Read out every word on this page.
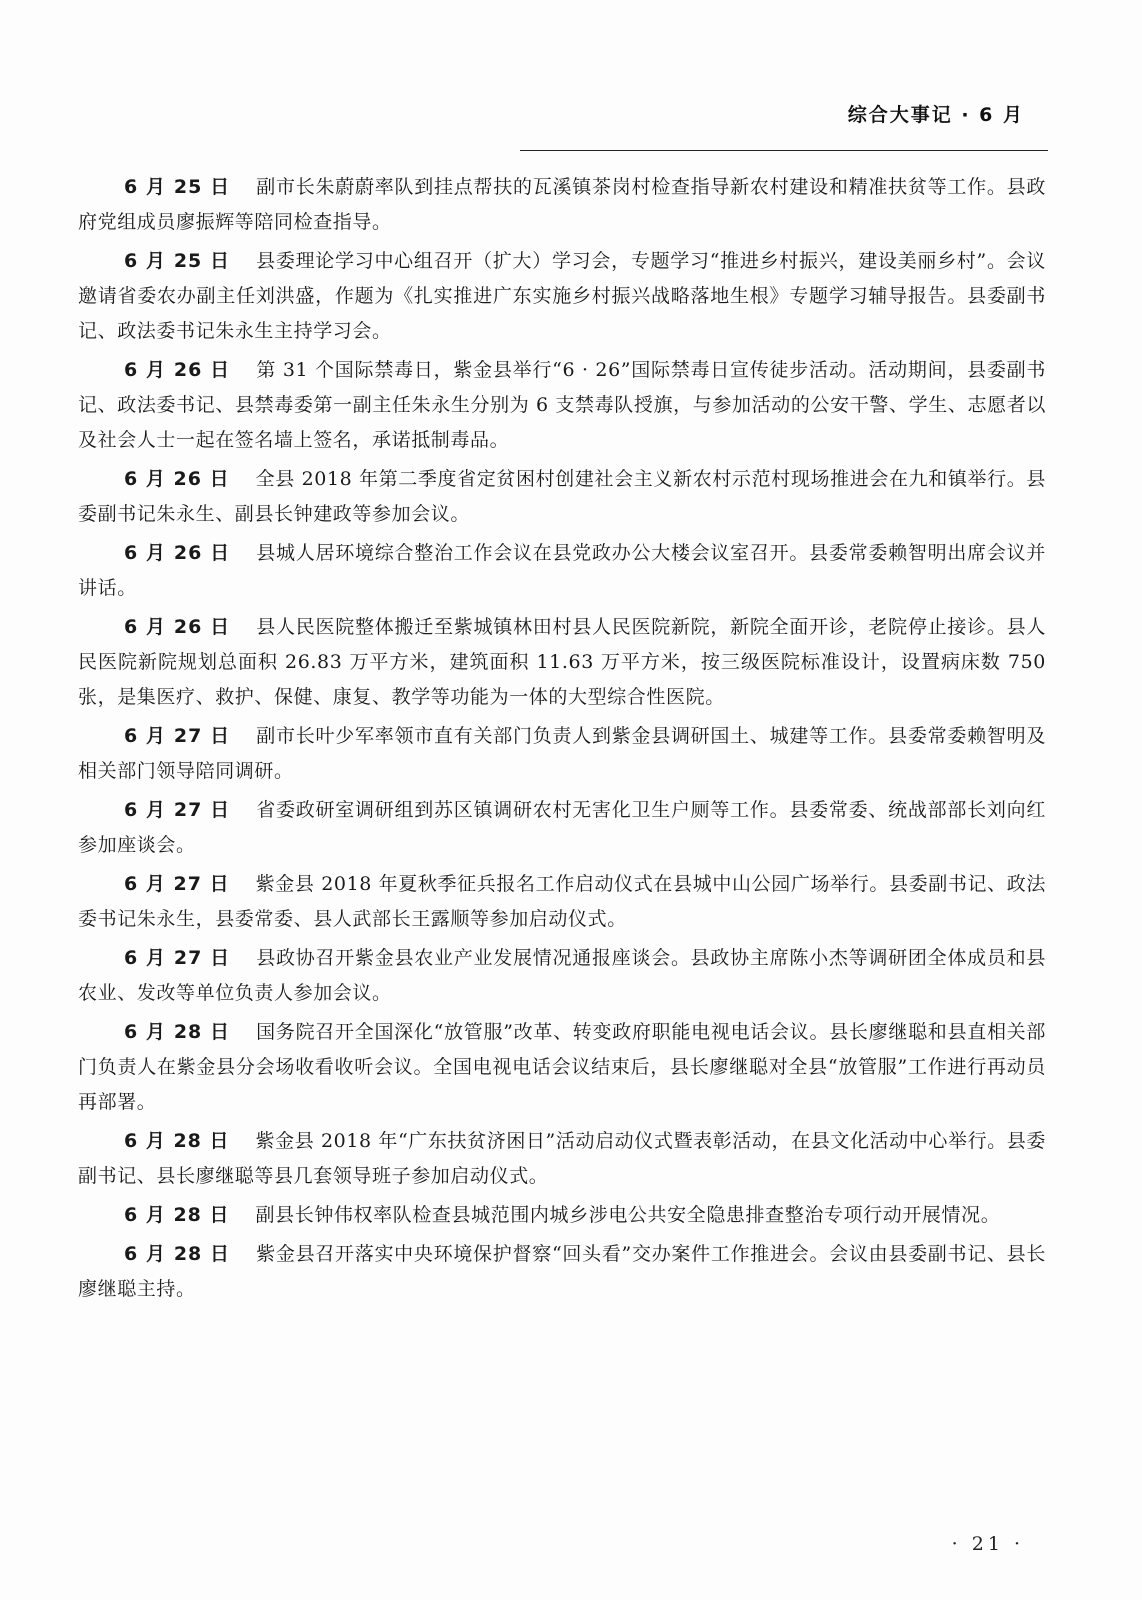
综合大事记 · 6 月

6 月 25 日 副市长朱蔚蔚率队到挂点帮扶的瓦溪镇茶岗村检查指导新农村建设和精准扶贫等工作。县政府党组成员廖振辉等陪同检查指导。

6 月 25 日 县委理论学习中心组召开（扩大）学习会，专题学习“推进乡村振兴，建设美丽乡村”。会议邀请省委农办副主任刘洪盛，作题为《扎实推进广东实施乡村振兴战略落地生根》专题学习辅导报告。县委副书记、政法委书记朱永生主持学习会。

6 月 26 日 第 31 个国际禁毒日，紫金县举行“6 · 26”国际禁毒日宣传徒步活动。活动期间，县委副书记、政法委书记、县禁毒委第一副主任朱永生分别为 6 支禁毒队授旗，与参加活动的公安干警、学生、志愿者以及社会人士一起在签名墙上签名，承诺抵制毒品。

6 月 26 日 全县 2018 年第二季度省定贫困村创建社会主义新农村示范村现场推进会在九和镇举行。县委副书记朱永生、副县长钟建政等参加会议。

6 月 26 日 县城人居环境综合整治工作会议在县党政办公大楼会议室召开。县委常委赖智明出席会议并讲话。

6 月 26 日 县人民医院整体搬迁至紫城镇林田村县人民医院新院，新院全面开诊，老院停止接诊。县人民医院新院规划总面积 26.83 万平方米，建筑面积 11.63 万平方米，按三级医院标准设计，设置病床数 750 张，是集医疗、救护、保健、康复、教学等功能为一体的大型综合性医院。

6 月 27 日 副市长叶少军率领市直有关部门负责人到紫金县调研国土、城建等工作。县委常委赖智明及相关部门领导陪同调研。

6 月 27 日 省委政研室调研组到苏区镇调研农村无害化卫生户厕等工作。县委常委、统战部部长刘向红参加座谈会。

6 月 27 日 紫金县 2018 年夏秋季征兵报名工作启动仪式在县城中山公园广场举行。县委副书记、政法委书记朱永生，县委常委、县人武部长王露顺等参加启动仪式。

6 月 27 日 县政协召开紫金县农业产业发展情况通报座谈会。县政协主席陈小杰等调研团全体成员和县农业、发改等单位负责人参加会议。

6 月 28 日 国务院召开全国深化“放管服”改革、转变政府职能电视电话会议。县长廖继聪和县直相关部门负责人在紫金县分会场收看收听会议。全国电视电话会议结束后，县长廖继聪对全县“放管服”工作进行再动员再部署。

6 月 28 日 紫金县 2018 年“广东扶贫济困日”活动启动仪式暨表彰活动，在县文化活动中心举行。县委副书记、县长廖继聪等县几套领导班子参加启动仪式。

6 月 28 日 副县长钟伟权率队检查县城范围内城乡涉电公共安全隐患排查整治专项行动开展情况。

6 月 28 日 紫金县召开落实中央环境保护督察“回头看”交办案件工作推进会。会议由县委副书记、县长廖继聪主持。

· 21 ·
